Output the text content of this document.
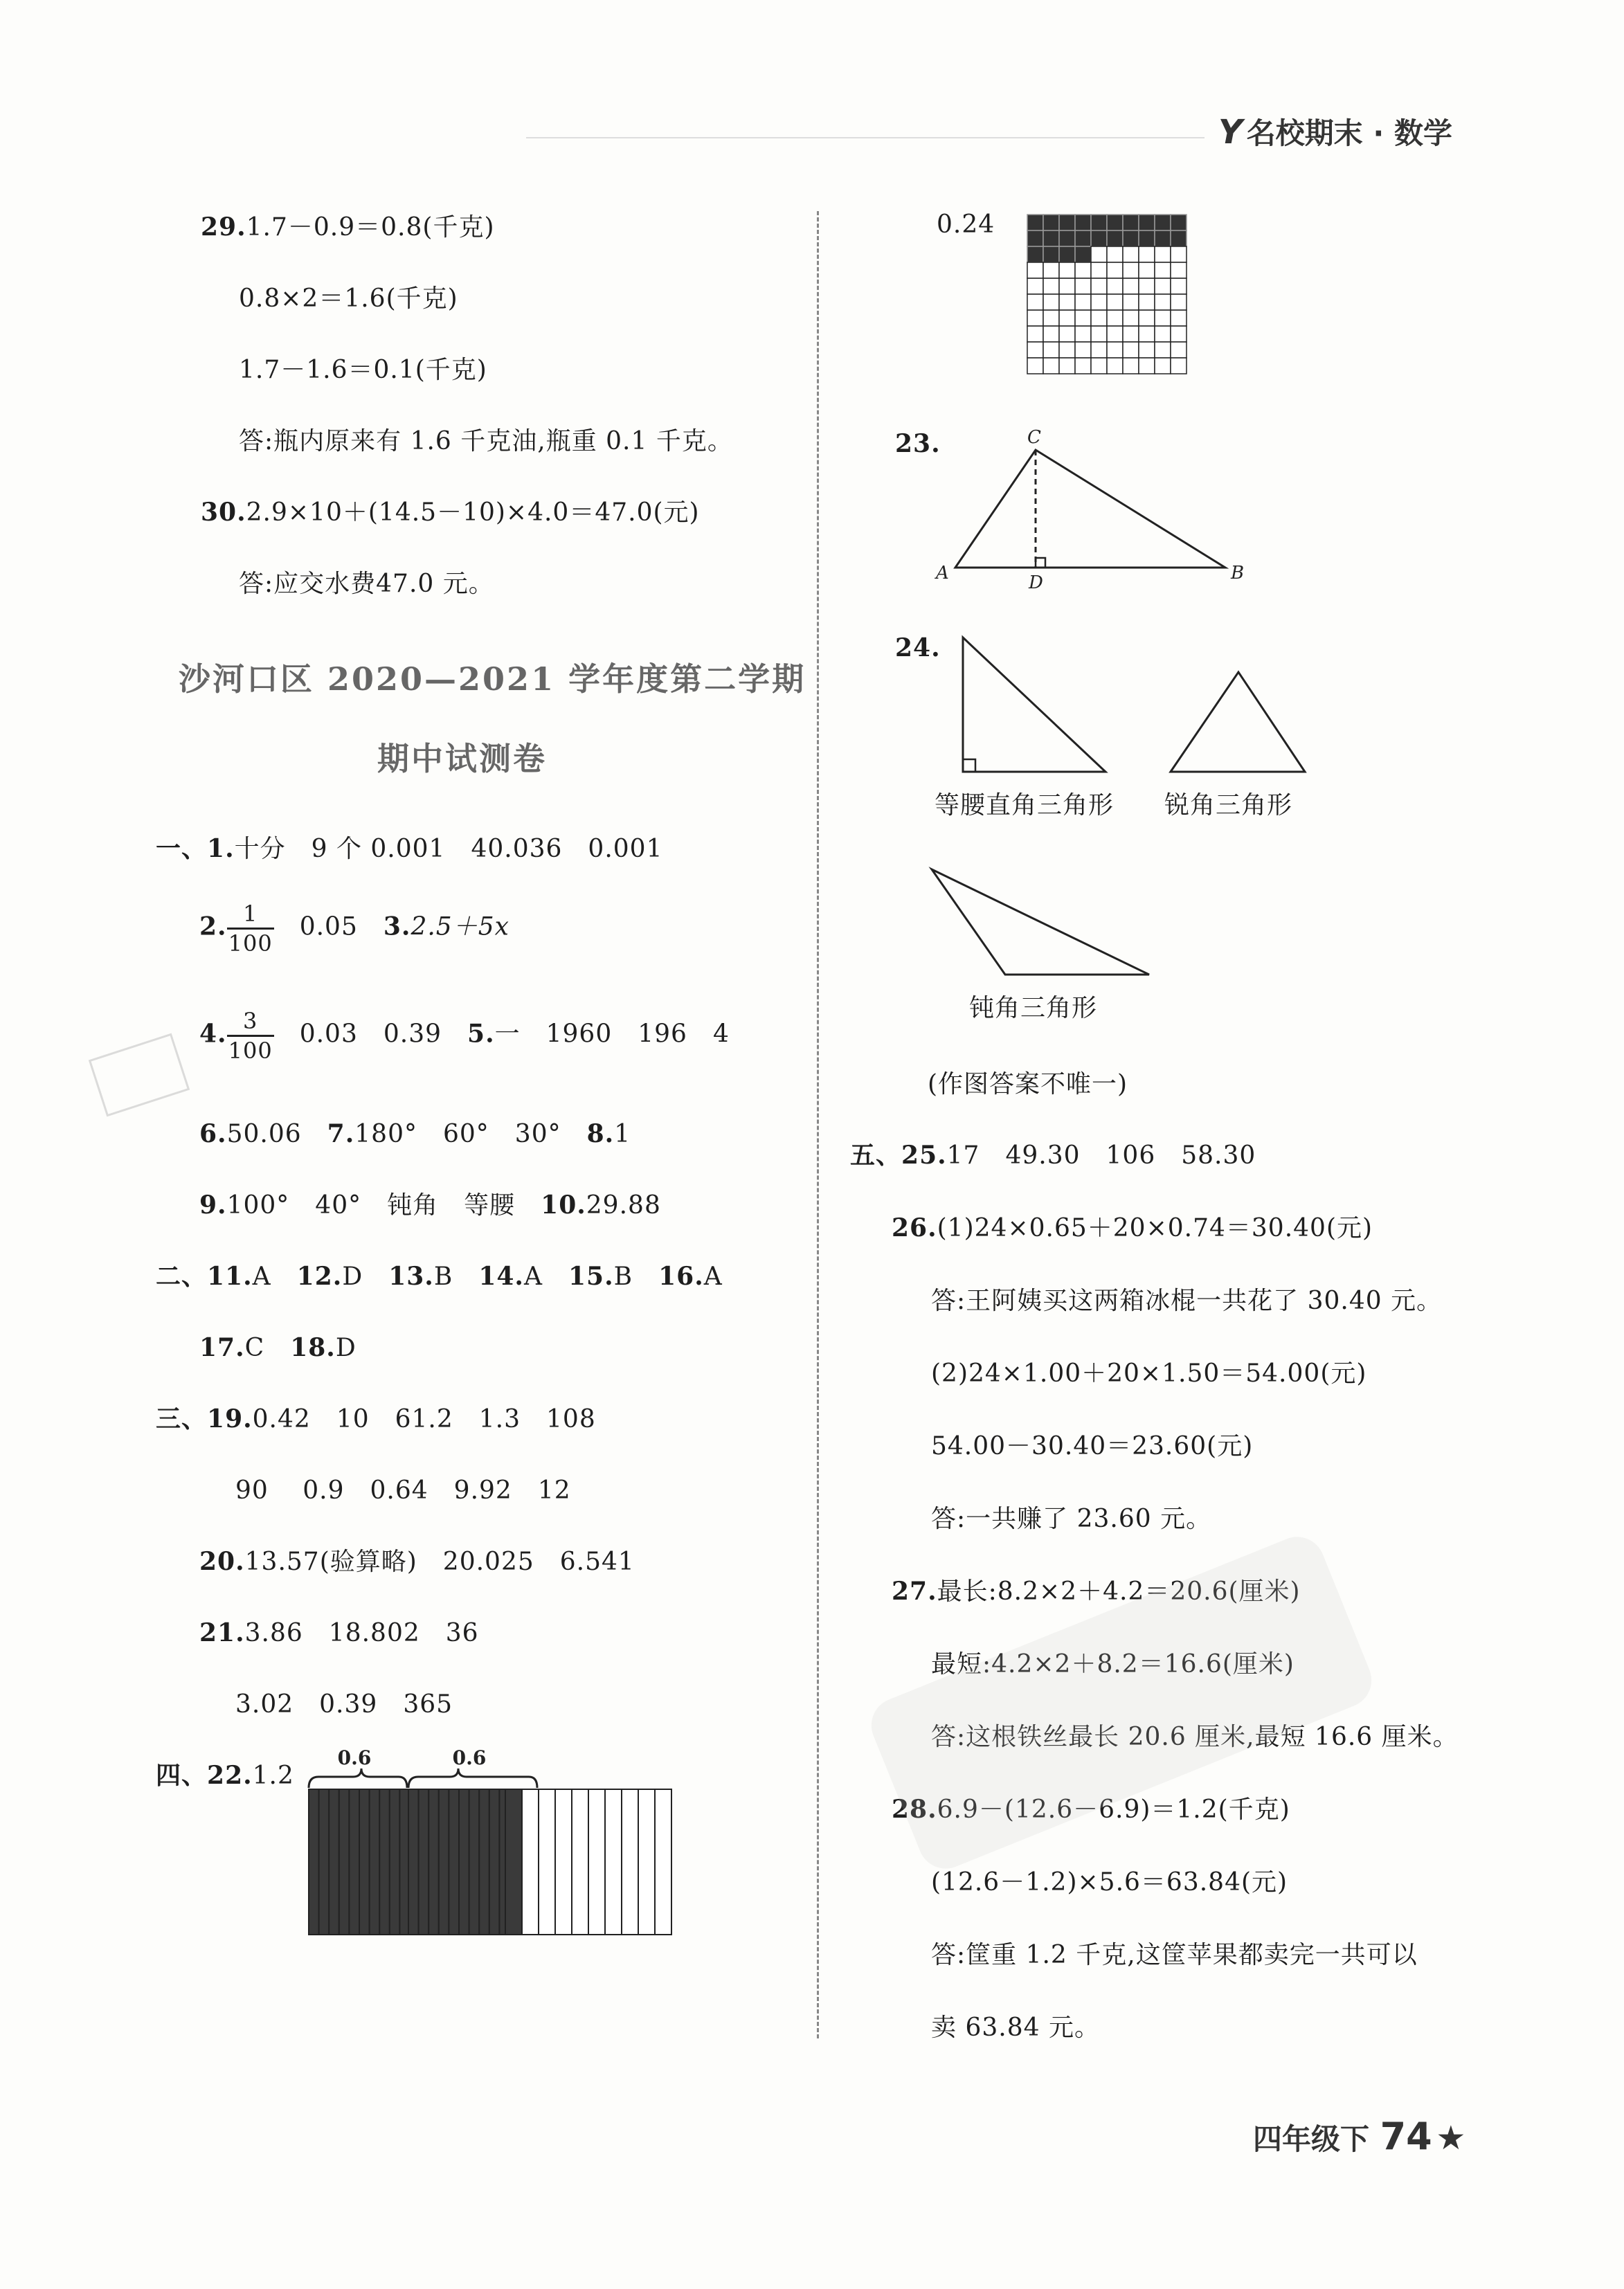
Y 名校期末 · 数学
29.1.7－0.9＝0.8(千克)
0.8×2＝1.6(千克)
1.7－1.6＝0.1(千克)
答:瓶内原来有 1.6 千克油,瓶重 0.1 千克。
30.2.9×10＋(14.5－10)×4.0＝47.0(元)
答:应交水费47.0 元。
沙河口区 2020—2021 学年度第二学期
期中试测卷
一、1.十分　9 个 0.001　40.036　0.001
2. $\frac{1}{100}$
　 0.05　 3.2.5＋5x
4. $\frac{3}{100}$
　 0.03　0.39　 5.一　1960　196　4
6.50.06　 7.180°　60°　30°　 8.1
9.100°　40°　钝角　等腰　 10.29.88
二、11.A　 12.D　 13.B　 14.A　 15.B　 16.A
17.C　 18.D
三、19.0.42　10　61.2　1.3　108
90　 0.9　0.64　9.92　12
20.13.57(验算略)　20.025　6.541
21.3.86　18.802　36
3.02　0.39　365
四、22.1.2
0.6	0.6
0.24
23.
A	B
C
D
24.
等腰直角三角形 锐角三角形
钝角三角形
(作图答案不唯一)
五、25.17　49.30　106　58.30
26.(1)24×0.65＋20×0.74＝30.40(元)
答:王阿姨买这两箱冰棍一共花了 30.40 元。
(2)24×1.00＋20×1.50＝54.00(元)
54.00－30.40＝23.60(元)
答:一共赚了 23.60 元。
27.最长:8.2×2＋4.2＝20.6(厘米)
最短:4.2×2＋8.2＝16.6(厘米)
答:这根铁丝最长 20.6 厘米,最短 16.6 厘米。
28.6.9－(12.6－6.9)＝1.2(千克)
(12.6－1.2)×5.6＝63.84(元)
答:筐重 1.2 千克,这筐苹果都卖完一共可以
卖 63.84 元。
四年级下 74 ★
